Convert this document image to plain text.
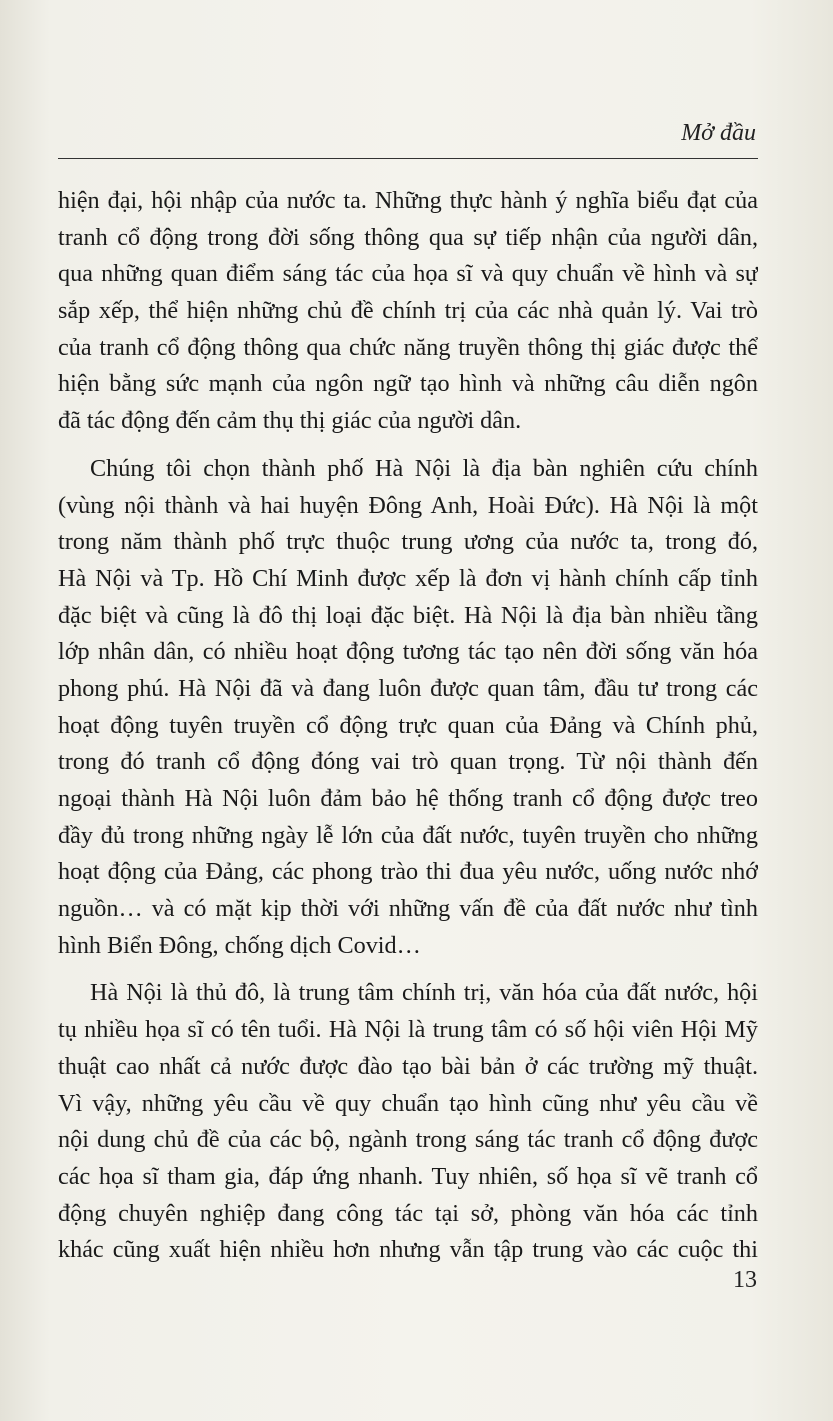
Mở đầu
hiện đại, hội nhập của nước ta. Những thực hành ý nghĩa biểu đạt của
tranh cổ động trong đời sống thông qua sự tiếp nhận của người dân,
qua những quan điểm sáng tác của họa sĩ và quy chuẩn về hình và sự
sắp xếp, thể hiện những chủ đề chính trị của các nhà quản lý. Vai trò
của tranh cổ động thông qua chức năng truyền thông thị giác được thể
hiện bằng sức mạnh của ngôn ngữ tạo hình và những câu diễn ngôn
đã tác động đến cảm thụ thị giác của người dân.
Chúng tôi chọn thành phố Hà Nội là địa bàn nghiên cứu chính
(vùng nội thành và hai huyện Đông Anh, Hoài Đức). Hà Nội là một
trong năm thành phố trực thuộc trung ương của nước ta, trong đó,
Hà Nội và Tp. Hồ Chí Minh được xếp là đơn vị hành chính cấp tỉnh
đặc biệt và cũng là đô thị loại đặc biệt. Hà Nội là địa bàn nhiều tầng
lớp nhân dân, có nhiều hoạt động tương tác tạo nên đời sống văn hóa
phong phú. Hà Nội đã và đang luôn được quan tâm, đầu tư trong các
hoạt động tuyên truyền cổ động trực quan của Đảng và Chính phủ,
trong đó tranh cổ động đóng vai trò quan trọng. Từ nội thành đến
ngoại thành Hà Nội luôn đảm bảo hệ thống tranh cổ động được treo
đầy đủ trong những ngày lễ lớn của đất nước, tuyên truyền cho những
hoạt động của Đảng, các phong trào thi đua yêu nước, uống nước nhớ
nguồn… và có mặt kịp thời với những vấn đề của đất nước như tình
hình Biển Đông, chống dịch Covid…
Hà Nội là thủ đô, là trung tâm chính trị, văn hóa của đất nước, hội
tụ nhiều họa sĩ có tên tuổi. Hà Nội là trung tâm có số hội viên Hội Mỹ
thuật cao nhất cả nước được đào tạo bài bản ở các trường mỹ thuật.
Vì vậy, những yêu cầu về quy chuẩn tạo hình cũng như yêu cầu về
nội dung chủ đề của các bộ, ngành trong sáng tác tranh cổ động được
các họa sĩ tham gia, đáp ứng nhanh. Tuy nhiên, số họa sĩ vẽ tranh cổ
động chuyên nghiệp đang công tác tại sở, phòng văn hóa các tỉnh
khác cũng xuất hiện nhiều hơn nhưng vẫn tập trung vào các cuộc thi
13
